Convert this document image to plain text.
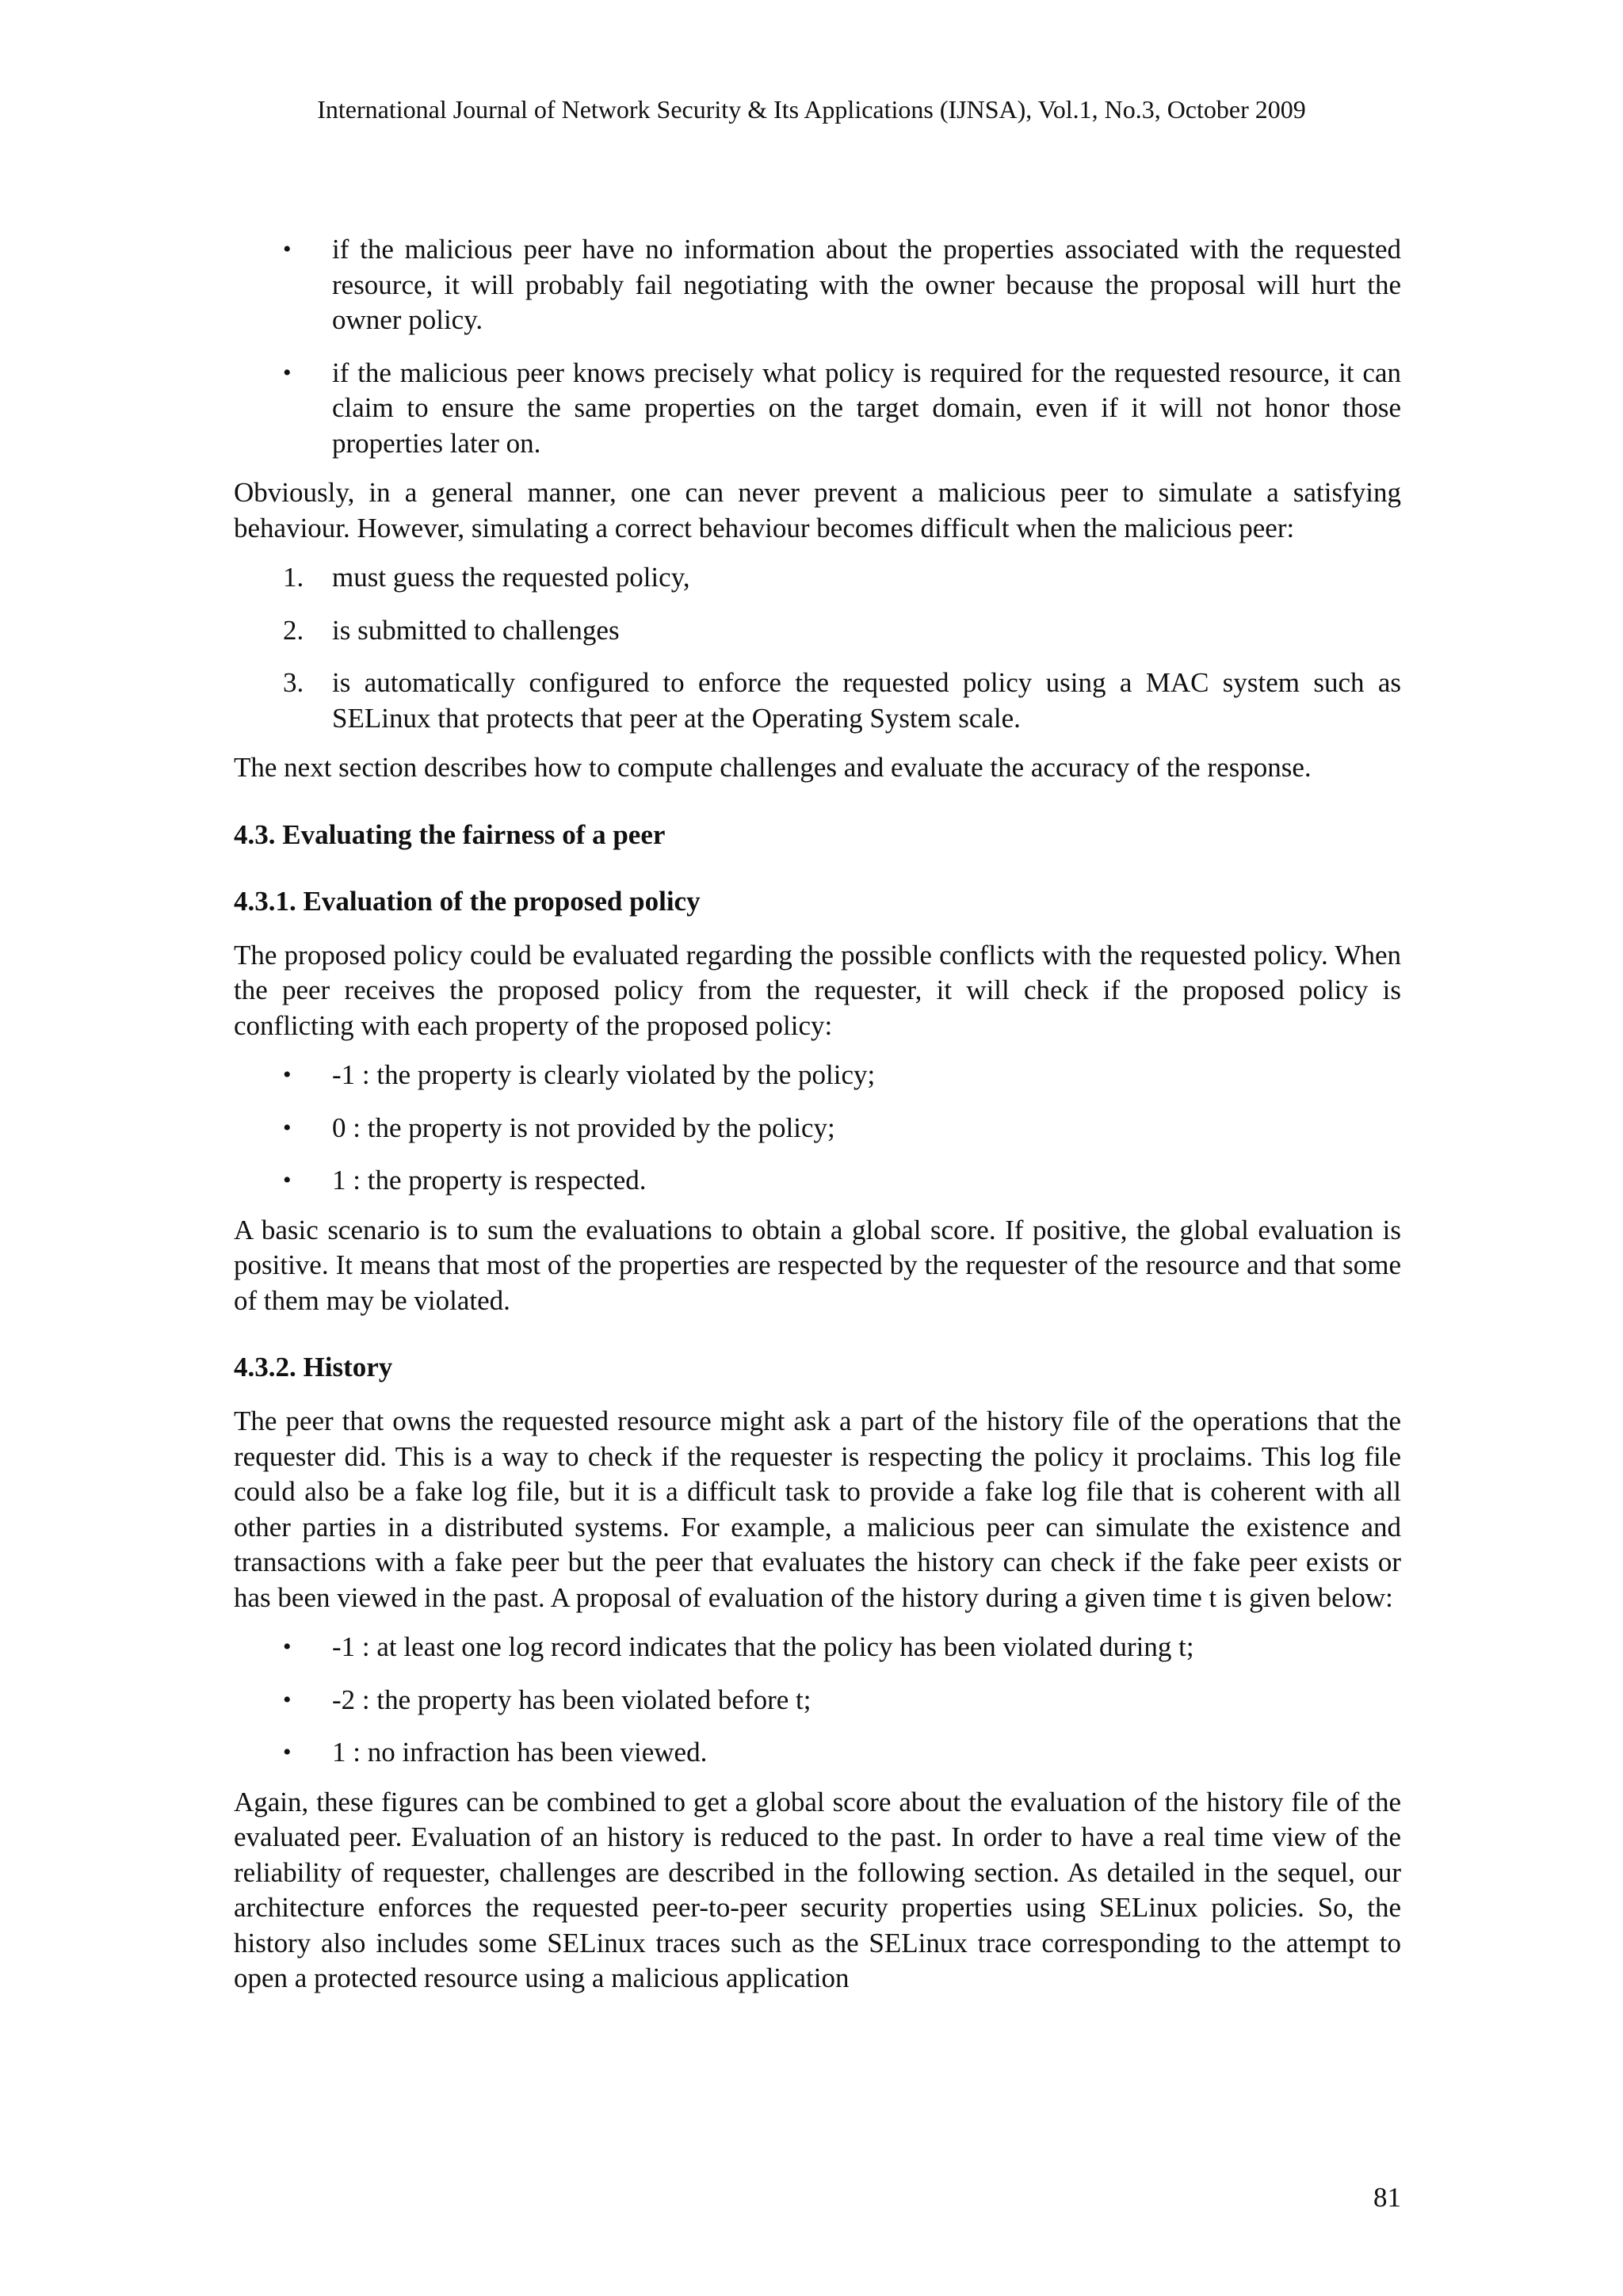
International Journal of Network Security & Its Applications (IJNSA), Vol.1, No.3, October 2009
• if the malicious peer have no information about the properties associated with the requested resource, it will probably fail negotiating with the owner because the proposal will hurt the owner policy.
• if the malicious peer knows precisely what policy is required for the requested resource, it can claim to ensure the same properties on the target domain, even if it will not honor those properties later on.

Obviously, in a general manner, one can never prevent a malicious peer to simulate a satisfying behaviour. However, simulating a correct behaviour becomes difficult when the malicious peer:

1. must guess the requested policy,
2. is submitted to challenges
3. is automatically configured to enforce the requested policy using a MAC system such as SELinux that protects that peer at the Operating System scale.

The next section describes how to compute challenges and evaluate the accuracy of the response.

4.3. Evaluating the fairness of a peer
4.3.1. Evaluation of the proposed policy

The proposed policy could be evaluated regarding the possible conflicts with the requested policy. When the peer receives the proposed policy from the requester, it will check if the proposed policy is conflicting with each property of the proposed policy:

• -1 : the property is clearly violated by the policy;
• 0 : the property is not provided by the policy;
• 1 : the property is respected.

A basic scenario is to sum the evaluations to obtain a global score. If positive, the global evaluation is positive. It means that most of the properties are respected by the requester of the resource and that some of them may be violated.

4.3.2. History

The peer that owns the requested resource might ask a part of the history file of the operations that the requester did. This is a way to check if the requester is respecting the policy it proclaims. This log file could also be a fake log file, but it is a difficult task to provide a fake log file that is coherent with all other parties in a distributed systems. For example, a malicious peer can simulate the existence and transactions with a fake peer but the peer that evaluates the history can check if the fake peer exists or has been viewed in the past. A proposal of evaluation of the history during a given time t is given below:

• -1 : at least one log record indicates that the policy has been violated during t;
• -2 : the property has been violated before t;
• 1 : no infraction has been viewed.

Again, these figures can be combined to get a global score about the evaluation of the history file of the evaluated peer. Evaluation of an history is reduced to the past. In order to have a real time view of the reliability of requester, challenges are described in the following section. As detailed in the sequel, our architecture enforces the requested peer-to-peer security properties using SELinux policies. So, the history also includes some SELinux traces such as the SELinux trace corresponding to the attempt to open a protected resource using a malicious application

81
